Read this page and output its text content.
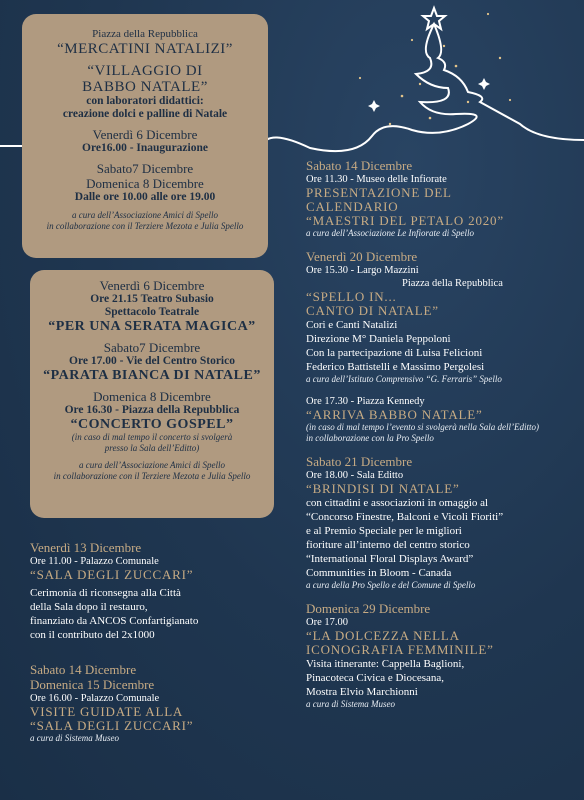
Piazza della Repubblica
“MERCATINI NATALIZI”
“VILLAGGIO DI
BABBO NATALE”
con laboratori didattici:
creazione dolci e palline di Natale
Venerdì 6 Dicembre
Ore16.00 - Inaugurazione
Sabato7 Dicembre
Domenica 8 Dicembre
Dalle ore 10.00 alle ore 19.00
a cura dell’Associazione Amici di Spello
in collaborazione con il Terziere Mezota e Julia Spello
Venerdì 6 Dicembre
Ore 21.15 Teatro Subasio
Spettacolo Teatrale
“PER UNA SERATA MAGICA”
Sabato7 Dicembre
Ore 17.00 - Vie del Centro Storico
“PARATA BIANCA DI NATALE”
Domenica 8 Dicembre
Ore 16.30 - Piazza della Repubblica
“CONCERTO GOSPEL”
(in caso di mal tempo il concerto si svolgerà
presso la Sala dell’Editto)
a cura dell’Associazione Amici di Spello
in collaborazione con il Terziere Mezota e Julia Spello
Venerdì 13 Dicembre
Ore 11.00 - Palazzo Comunale
“SALA DEGLI ZUCCARI”
Cerimonia di riconsegna alla Città
della Sala dopo il restauro,
finanziato da ANCOS Confartigianato
con il contributo del 2x1000
Sabato 14 Dicembre
Domenica 15 Dicembre
Ore 16.00 - Palazzo Comunale
VISITE GUIDATE ALLA
“SALA DEGLI ZUCCARI”
a cura di Sistema Museo
Sabato 14 Dicembre
Ore 11.30 - Museo delle Infiorate
PRESENTAZIONE DEL
CALENDARIO
“MAESTRI DEL PETALO 2020”
a cura dell’Associazione Le Infiorate di Spello
Venerdì 20 Dicembre
Ore 15.30 - Largo Mazzini
Piazza della Repubblica
“SPELLO IN...
CANTO DI NATALE”
Cori e Canti Natalizi
Direzione M° Daniela Peppoloni
Con la partecipazione di Luisa Felicioni
Federico Battistelli e Massimo Pergolesi
a cura dell’Istituto Comprensivo “G. Ferraris” Spello
Ore 17.30 - Piazza Kennedy
“ARRIVA BABBO NATALE”
(in caso di mal tempo l’evento si svolgerà nella Sala dell’Editto)
in collaborazione con la Pro Spello
Sabato 21 Dicembre
Ore 18.00 - Sala Editto
“BRINDISI DI NATALE”
con cittadini e associazioni in omaggio al
“Concorso Finestre, Balconi e Vicoli Fioriti”
e al Premio Speciale per le migliori
fioriture all’interno del centro storico
“International Floral Displays Award”
Communities in Bloom - Canada
a cura della Pro Spello e del Comune di Spello
Domenica 29 Dicembre
Ore 17.00
“LA DOLCEZZA NELLA
ICONOGRAFIA FEMMINILE”
Visita itinerante: Cappella Baglioni,
Pinacoteca Civica e Diocesana,
Mostra Elvio Marchionni
a cura di Sistema Museo
